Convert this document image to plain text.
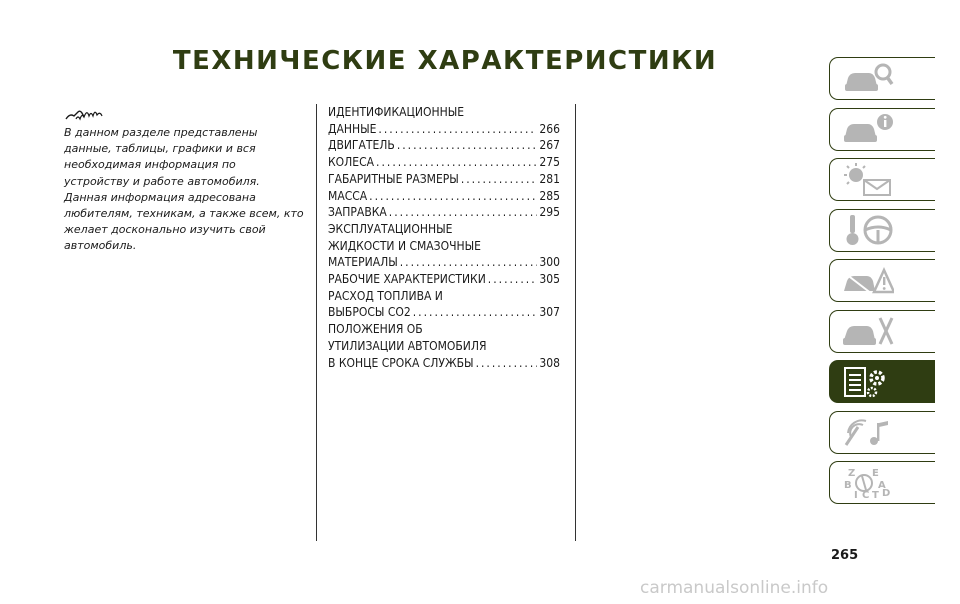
ТЕХНИЧЕСКИЕ ХАРАКТЕРИСТИКИ
В данном разделе представлены данные, таблицы, графики и вся необходимая информация по устройству и работе автомобиля. Данная информация адресована любителям, техникам, а также всем, кто желает досконально изучить свой автомобиль.
ИДЕНТИФИКАЦИОННЫЕ
ДАННЫЕ .....	266
ДВИГАТЕЛЬ .....	267
КОЛЕСА .....	275
ГАБАРИТНЫЕ РАЗМЕРЫ .....	281
МАССА .....	285
ЗАПРАВКА .....	295
ЭКСПЛУАТАЦИОННЫЕ
ЖИДКОСТИ И СМАЗОЧНЫЕ
МАТЕРИАЛЫ .....	300
РАБОЧИЕ ХАРАКТЕРИСТИКИ .....	305
РАСХОД ТОПЛИВА И
ВЫБРОСЫ CO2 .....	307
ПОЛОЖЕНИЯ ОБ
УТИЛИЗАЦИИ АВТОМОБИЛЯ
В КОНЦЕ СРОКА СЛУЖБЫ .....	308
Z E
B	A
I C T D
265
carmanualsonline.info
